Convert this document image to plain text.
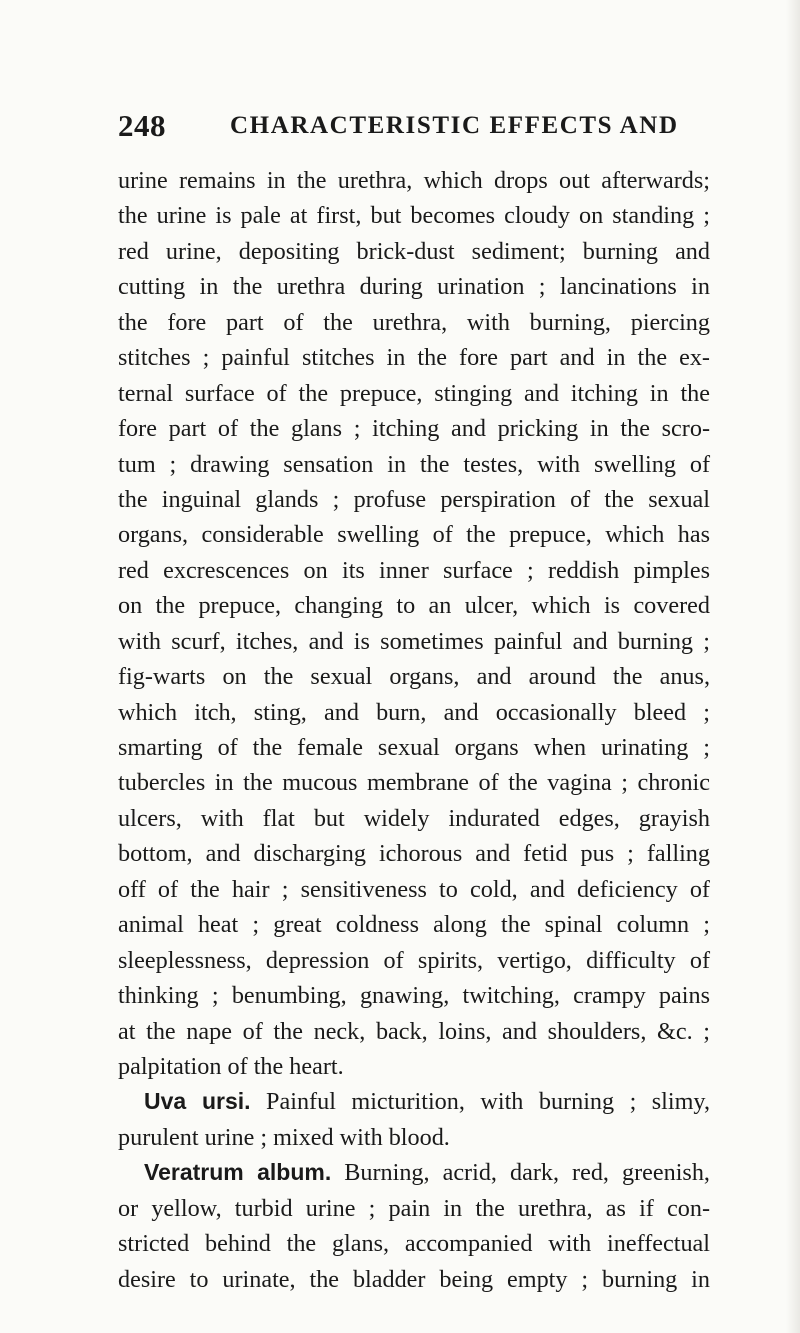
248	CHARACTERISTIC EFFECTS AND
urine remains in the urethra, which drops out afterwards;
the urine is pale at first, but becomes cloudy on standing ;
red urine, depositing brick-dust sediment; burning and
cutting in the urethra during urination ; lancinations in
the fore part of the urethra, with burning, piercing
stitches ; painful stitches in the fore part and in the ex-
ternal surface of the prepuce, stinging and itching in the
fore part of the glans ; itching and pricking in the scro-
tum ; drawing sensation in the testes, with swelling of
the inguinal glands ; profuse perspiration of the sexual
organs, considerable swelling of the prepuce, which has
red excrescences on its inner surface ; reddish pimples
on the prepuce, changing to an ulcer, which is covered
with scurf, itches, and is sometimes painful and burning ;
fig-warts on the sexual organs, and around the anus,
which itch, sting, and burn, and occasionally bleed ;
smarting of the female sexual organs when urinating ;
tubercles in the mucous membrane of the vagina ; chronic
ulcers, with flat but widely indurated edges, grayish
bottom, and discharging ichorous and fetid pus ; falling
off of the hair ; sensitiveness to cold, and deficiency of
animal heat ; great coldness along the spinal column ;
sleeplessness, depression of spirits, vertigo, difficulty of
thinking ; benumbing, gnawing, twitching, crampy pains
at the nape of the neck, back, loins, and shoulders, &c. ;
palpitation of the heart.
Uva ursi. Painful micturition, with burning ; slimy,
purulent urine ; mixed with blood.
Veratrum album. Burning, acrid, dark, red, greenish,
or yellow, turbid urine ; pain in the urethra, as if con-
stricted behind the glans, accompanied with ineffectual
desire to urinate, the bladder being empty ; burning in
